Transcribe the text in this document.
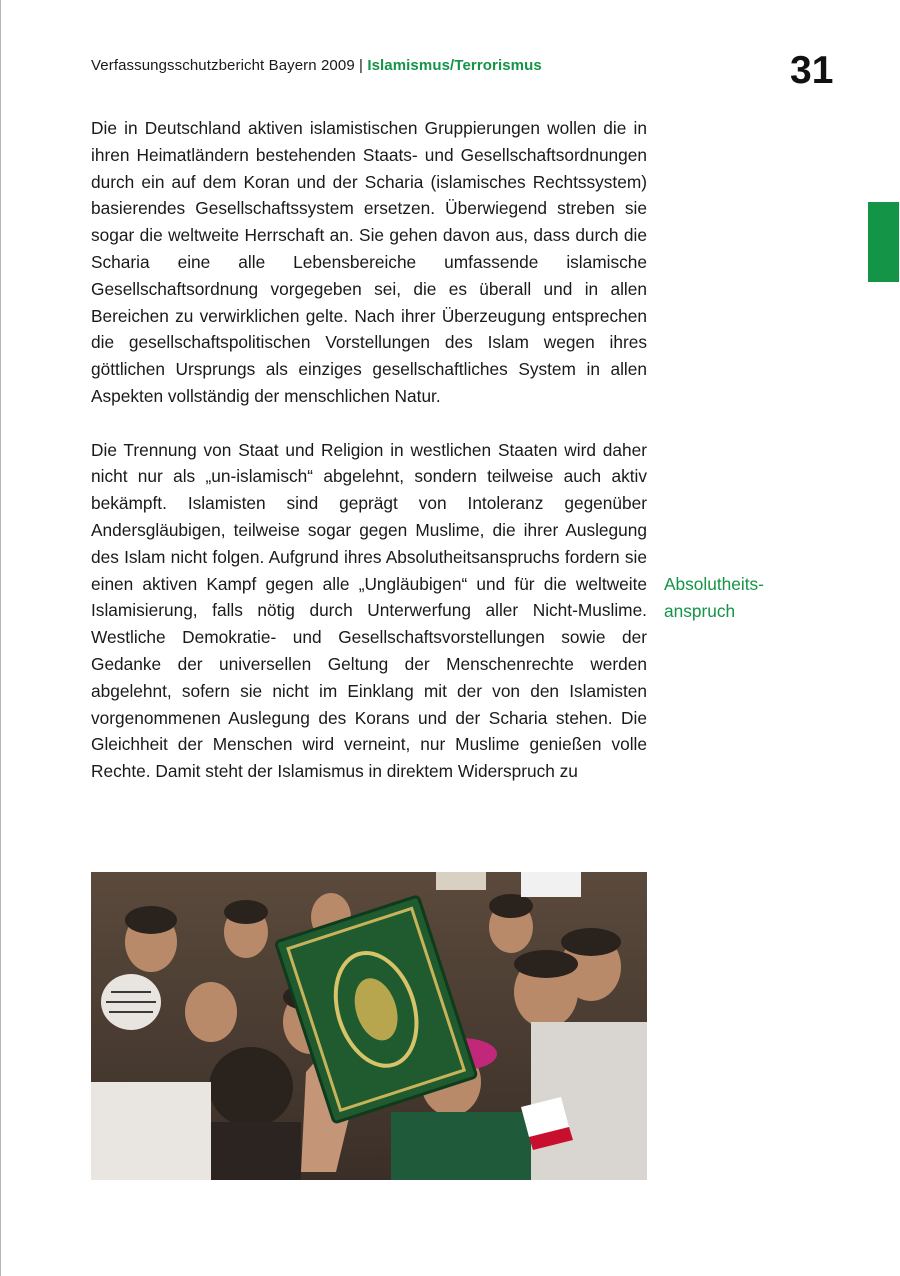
Verfassungsschutzbericht Bayern 2009 | Islamismus/Terrorismus	31

Die in Deutschland aktiven islamistischen Gruppierungen wollen die in ihren Heimatländern bestehenden Staats- und Gesellschaftsordnungen durch ein auf dem Koran und der Scharia (islamisches Rechtssystem) basierendes Gesellschaftssystem ersetzen. Überwiegend streben sie sogar die weltweite Herrschaft an. Sie gehen davon aus, dass durch die Scharia eine alle Lebensbereiche umfassende islamische Gesellschaftsordnung vorgegeben sei, die es überall und in allen Bereichen zu verwirklichen gelte. Nach ihrer Überzeugung entsprechen die gesellschaftspolitischen Vorstellungen des Islam wegen ihres göttlichen Ursprungs als einziges gesellschaftliches System in allen Aspekten vollständig der menschlichen Natur.

Die Trennung von Staat und Religion in westlichen Staaten wird daher nicht nur als „un-islamisch“ abgelehnt, sondern teilweise auch aktiv bekämpft. Islamisten sind geprägt von Intoleranz gegenüber Andersgläubigen, teilweise sogar gegen Muslime, die ihrer Auslegung des Islam nicht folgen. Aufgrund ihres Absolutheitsanspruchs fordern sie einen aktiven Kampf gegen alle „Ungläubigen“ und für die weltweite Islamisierung, falls nötig durch Unterwerfung aller Nicht-Muslime. Westliche Demokratie- und Gesellschaftsvorstellungen sowie der Gedanke der universellen Geltung der Menschenrechte werden abgelehnt, sofern sie nicht im Einklang mit der von den Islamisten vorgenommenen Auslegung des Korans und der Scharia stehen. Die Gleichheit der Menschen wird verneint, nur Muslime genießen volle Rechte. Damit steht der Islamismus in direktem Widerspruch zu

Absolutheits-
anspruch
